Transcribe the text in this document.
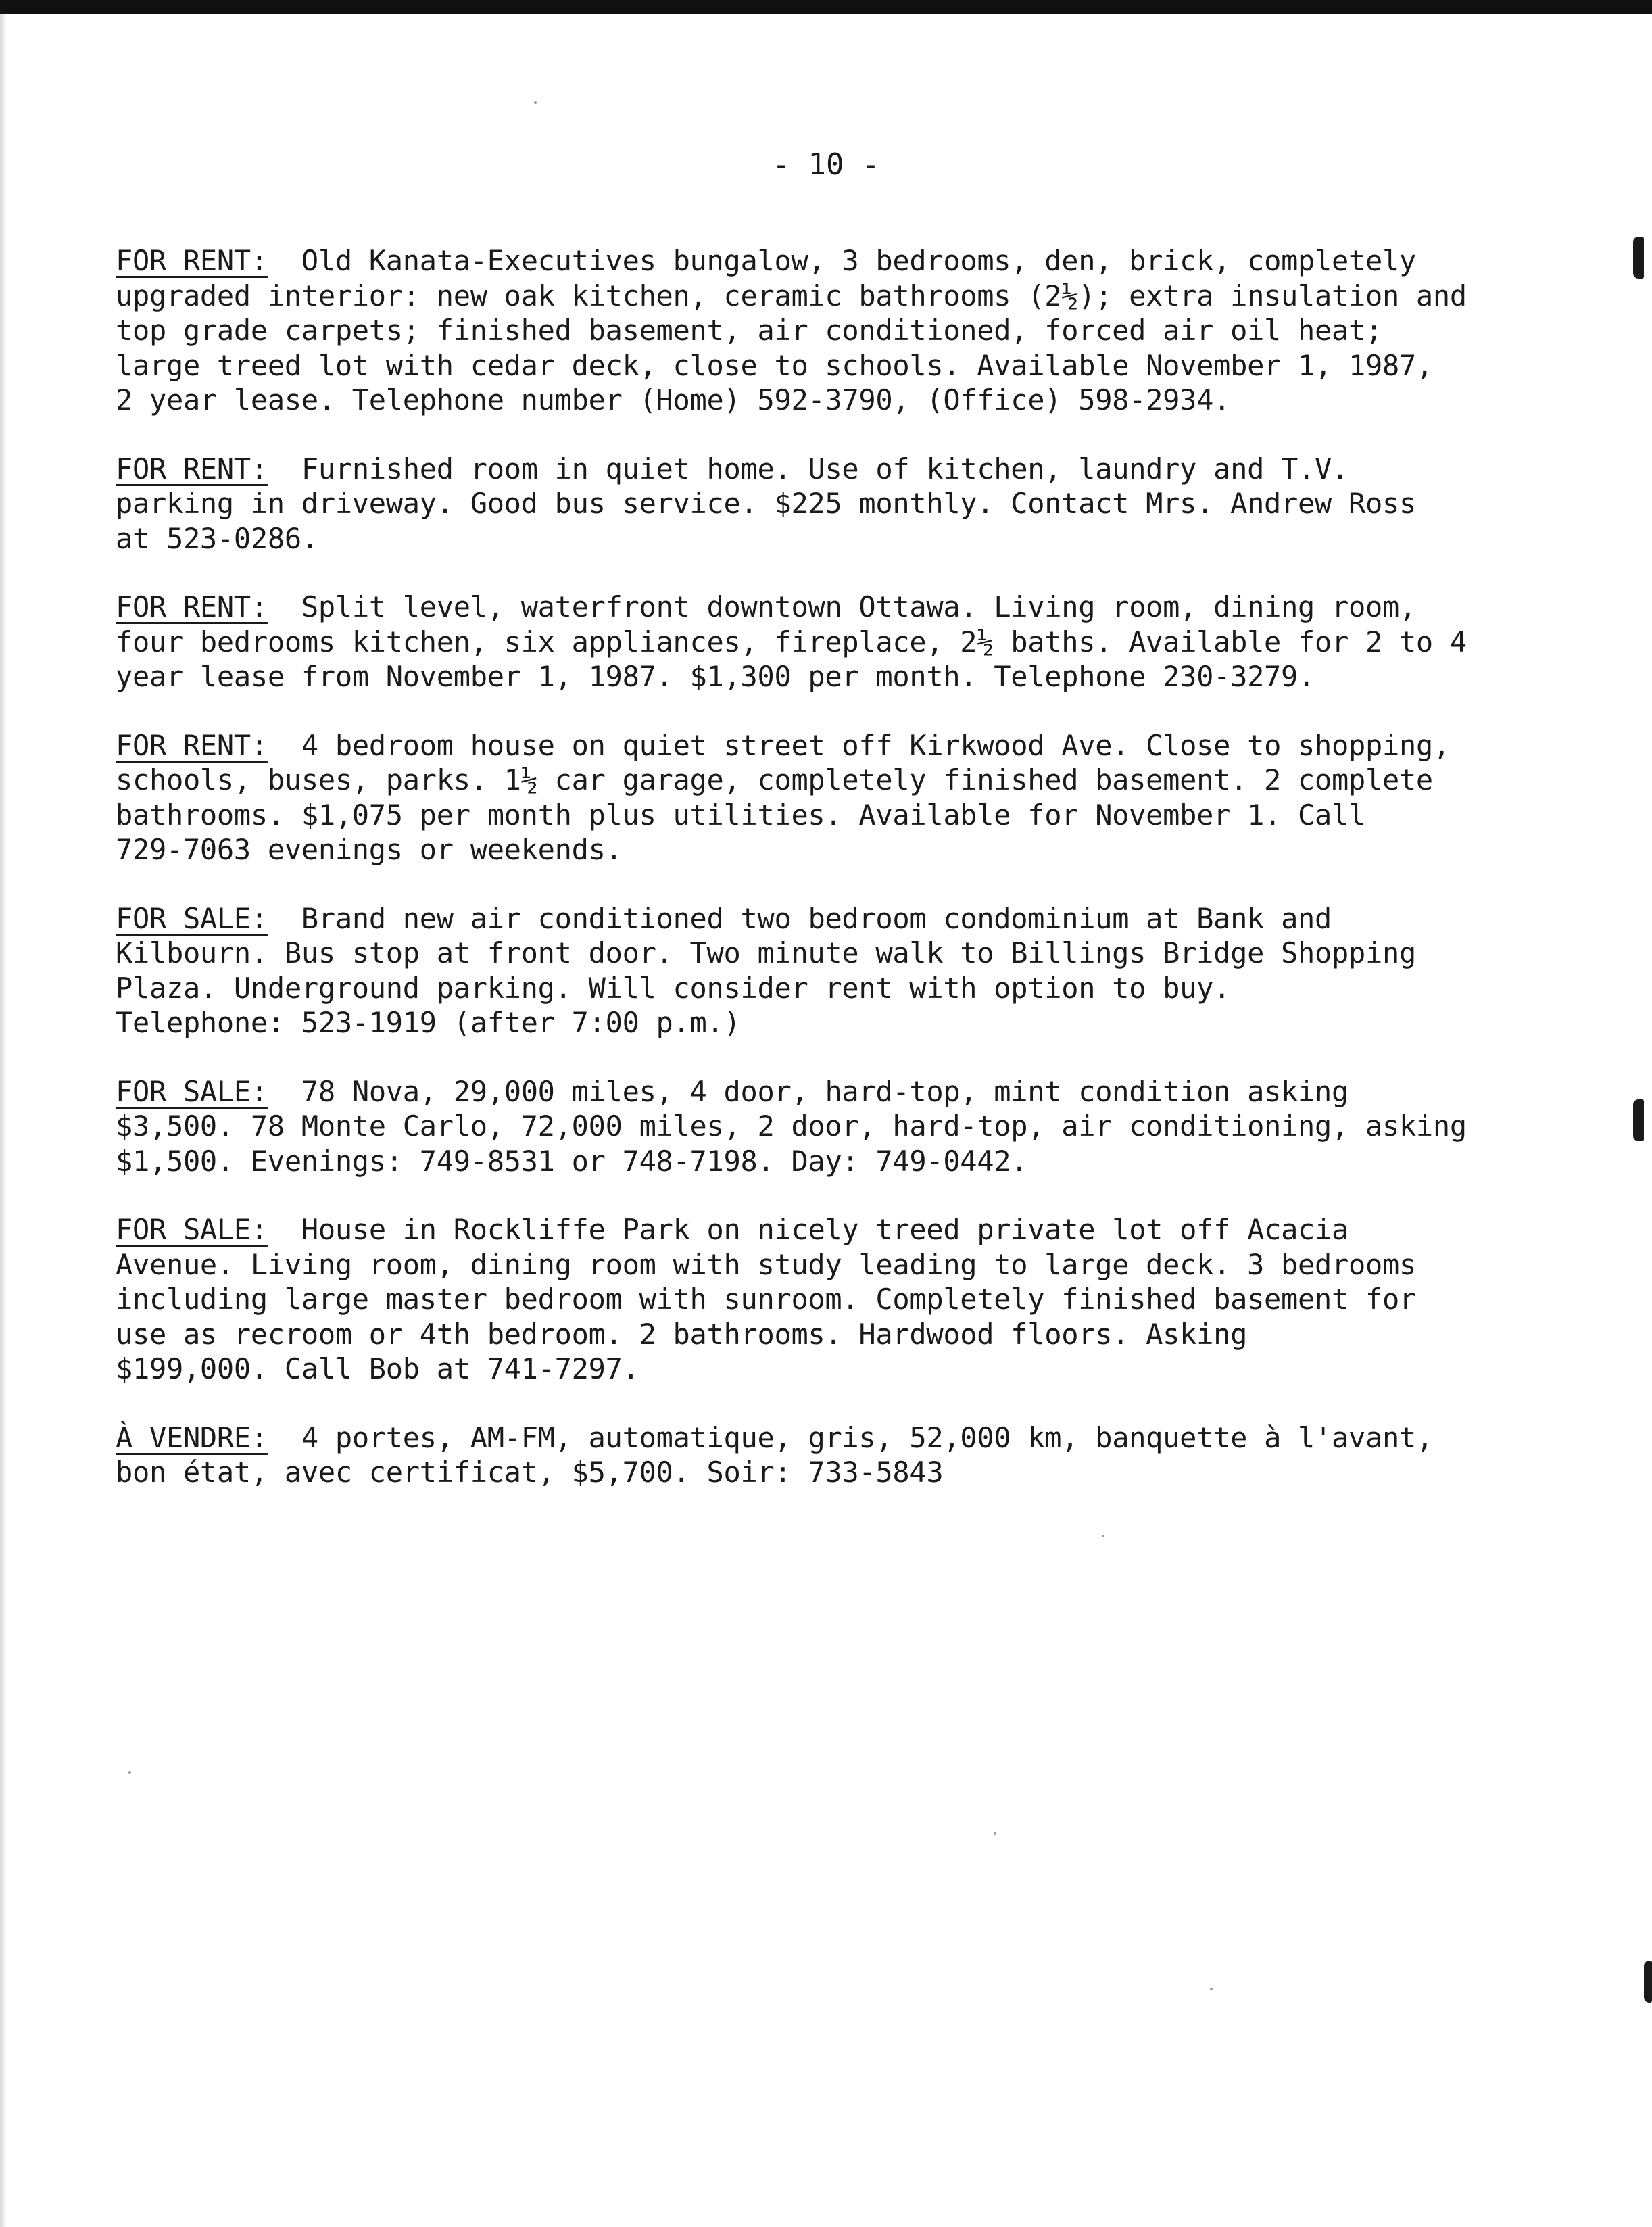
- 10 -
FOR RENT: Old Kanata-Executives bungalow, 3 bedrooms, den, brick, completely
upgraded interior: new oak kitchen, ceramic bathrooms (2½); extra insulation and
top grade carpets; finished basement, air conditioned, forced air oil heat;
large treed lot with cedar deck, close to schools. Available November 1, 1987,
2 year lease. Telephone number (Home) 592-3790, (Office) 598-2934.
FOR RENT: Furnished room in quiet home. Use of kitchen, laundry and T.V.
parking in driveway. Good bus service. $225 monthly. Contact Mrs. Andrew Ross
at 523-0286.
FOR RENT: Split level, waterfront downtown Ottawa. Living room, dining room,
four bedrooms kitchen, six appliances, fireplace, 2½ baths. Available for 2 to 4
year lease from November 1, 1987. $1,300 per month. Telephone 230-3279.
FOR RENT: 4 bedroom house on quiet street off Kirkwood Ave. Close to shopping,
schools, buses, parks. 1½ car garage, completely finished basement. 2 complete
bathrooms. $1,075 per month plus utilities. Available for November 1. Call
729-7063 evenings or weekends.
FOR SALE: Brand new air conditioned two bedroom condominium at Bank and
Kilbourn. Bus stop at front door. Two minute walk to Billings Bridge Shopping
Plaza. Underground parking. Will consider rent with option to buy.
Telephone: 523-1919 (after 7:00 p.m.)
FOR SALE: 78 Nova, 29,000 miles, 4 door, hard-top, mint condition asking
$3,500. 78 Monte Carlo, 72,000 miles, 2 door, hard-top, air conditioning, asking
$1,500. Evenings: 749-8531 or 748-7198. Day: 749-0442.
FOR SALE: House in Rockliffe Park on nicely treed private lot off Acacia
Avenue. Living room, dining room with study leading to large deck. 3 bedrooms
including large master bedroom with sunroom. Completely finished basement for
use as recroom or 4th bedroom. 2 bathrooms. Hardwood floors. Asking
$199,000. Call Bob at 741-7297.
À VENDRE: 4 portes, AM-FM, automatique, gris, 52,000 km, banquette à l'avant,
bon état, avec certificat, $5,700. Soir: 733-5843
